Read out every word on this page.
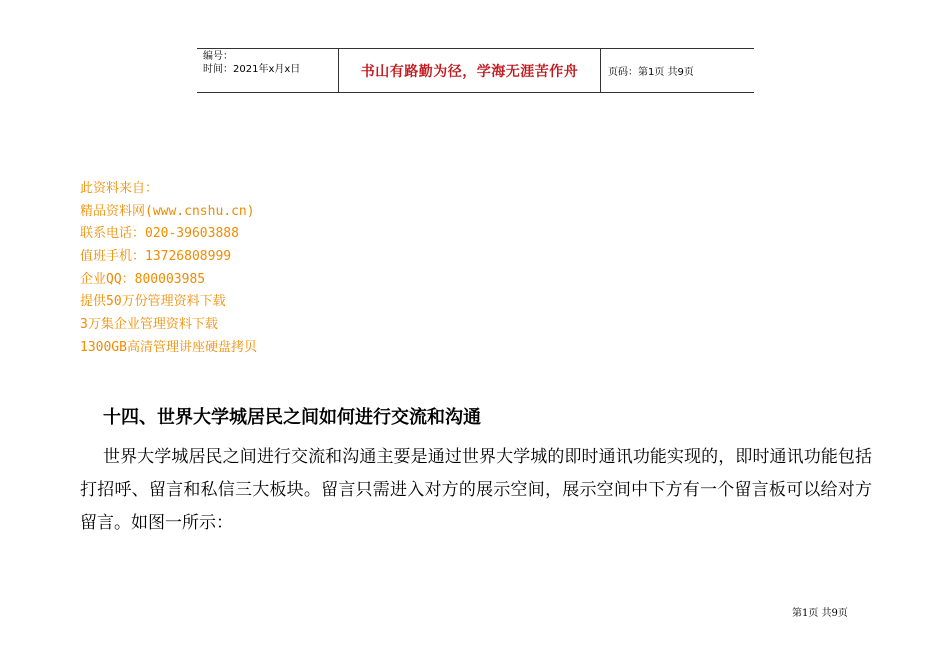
编号：
时间：2021年x月x日	书山有路勤为径，学海无涯苦作舟	页码：第1页 共9页
此资料来自：
精品资料网(www.cnshu.cn)
联系电话：020-39603888
值班手机：13726808999
企业QQ：800003985
提供50万份管理资料下载
3万集企业管理资料下载
1300GB高清管理讲座硬盘拷贝
十四、世界大学城居民之间如何进行交流和沟通
世界大学城居民之间进行交流和沟通主要是通过世界大学城的即时通讯功能实现的，即时通讯功能包括打招呼、留言和私信三大板块。留言只需进入对方的展示空间，展示空间中下方有一个留言板可以给对方留言。如图一所示：
第1页 共9页
